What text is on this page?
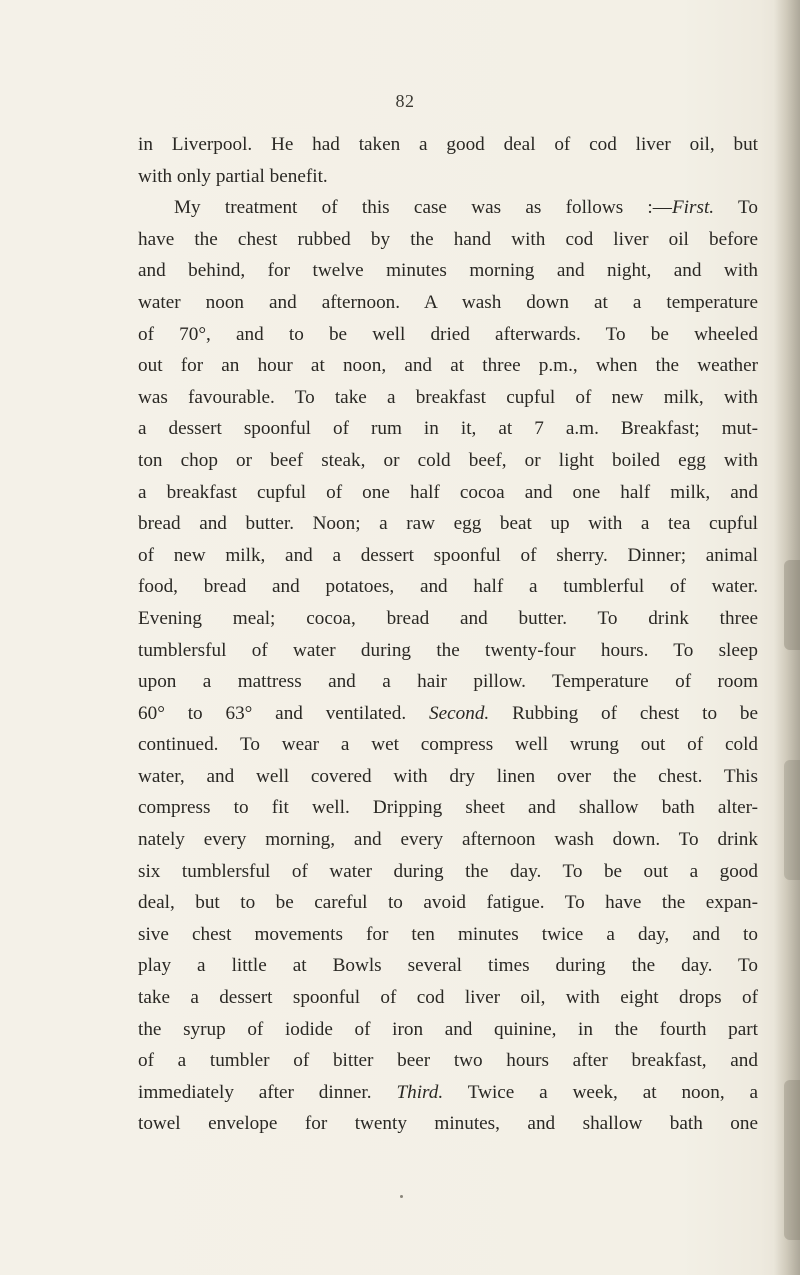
82
in Liverpool. He had taken a good deal of cod liver oil, but
with only partial benefit.
My treatment of this case was as follows :—First. To
have the chest rubbed by the hand with cod liver oil before
and behind, for twelve minutes morning and night, and with
water noon and afternoon. A wash down at a temperature
of 70°, and to be well dried afterwards. To be wheeled
out for an hour at noon, and at three p.m., when the weather
was favourable. To take a breakfast cupful of new milk, with
a dessert spoonful of rum in it, at 7 a.m. Breakfast; mut-
ton chop or beef steak, or cold beef, or light boiled egg with
a breakfast cupful of one half cocoa and one half milk, and
bread and butter. Noon; a raw egg beat up with a tea cupful
of new milk, and a dessert spoonful of sherry. Dinner; animal
food, bread and potatoes, and half a tumblerful of water.
Evening meal; cocoa, bread and butter. To drink three
tumblersful of water during the twenty-four hours. To sleep
upon a mattress and a hair pillow. Temperature of room
60° to 63° and ventilated. Second. Rubbing of chest to be
continued. To wear a wet compress well wrung out of cold
water, and well covered with dry linen over the chest. This
compress to fit well. Dripping sheet and shallow bath alter-
nately every morning, and every afternoon wash down. To drink
six tumblersful of water during the day. To be out a good
deal, but to be careful to avoid fatigue. To have the expan-
sive chest movements for ten minutes twice a day, and to
play a little at Bowls several times during the day. To
take a dessert spoonful of cod liver oil, with eight drops of
the syrup of iodide of iron and quinine, in the fourth part
of a tumbler of bitter beer two hours after breakfast, and
immediately after dinner. Third. Twice a week, at noon, a
towel envelope for twenty minutes, and shallow bath one
